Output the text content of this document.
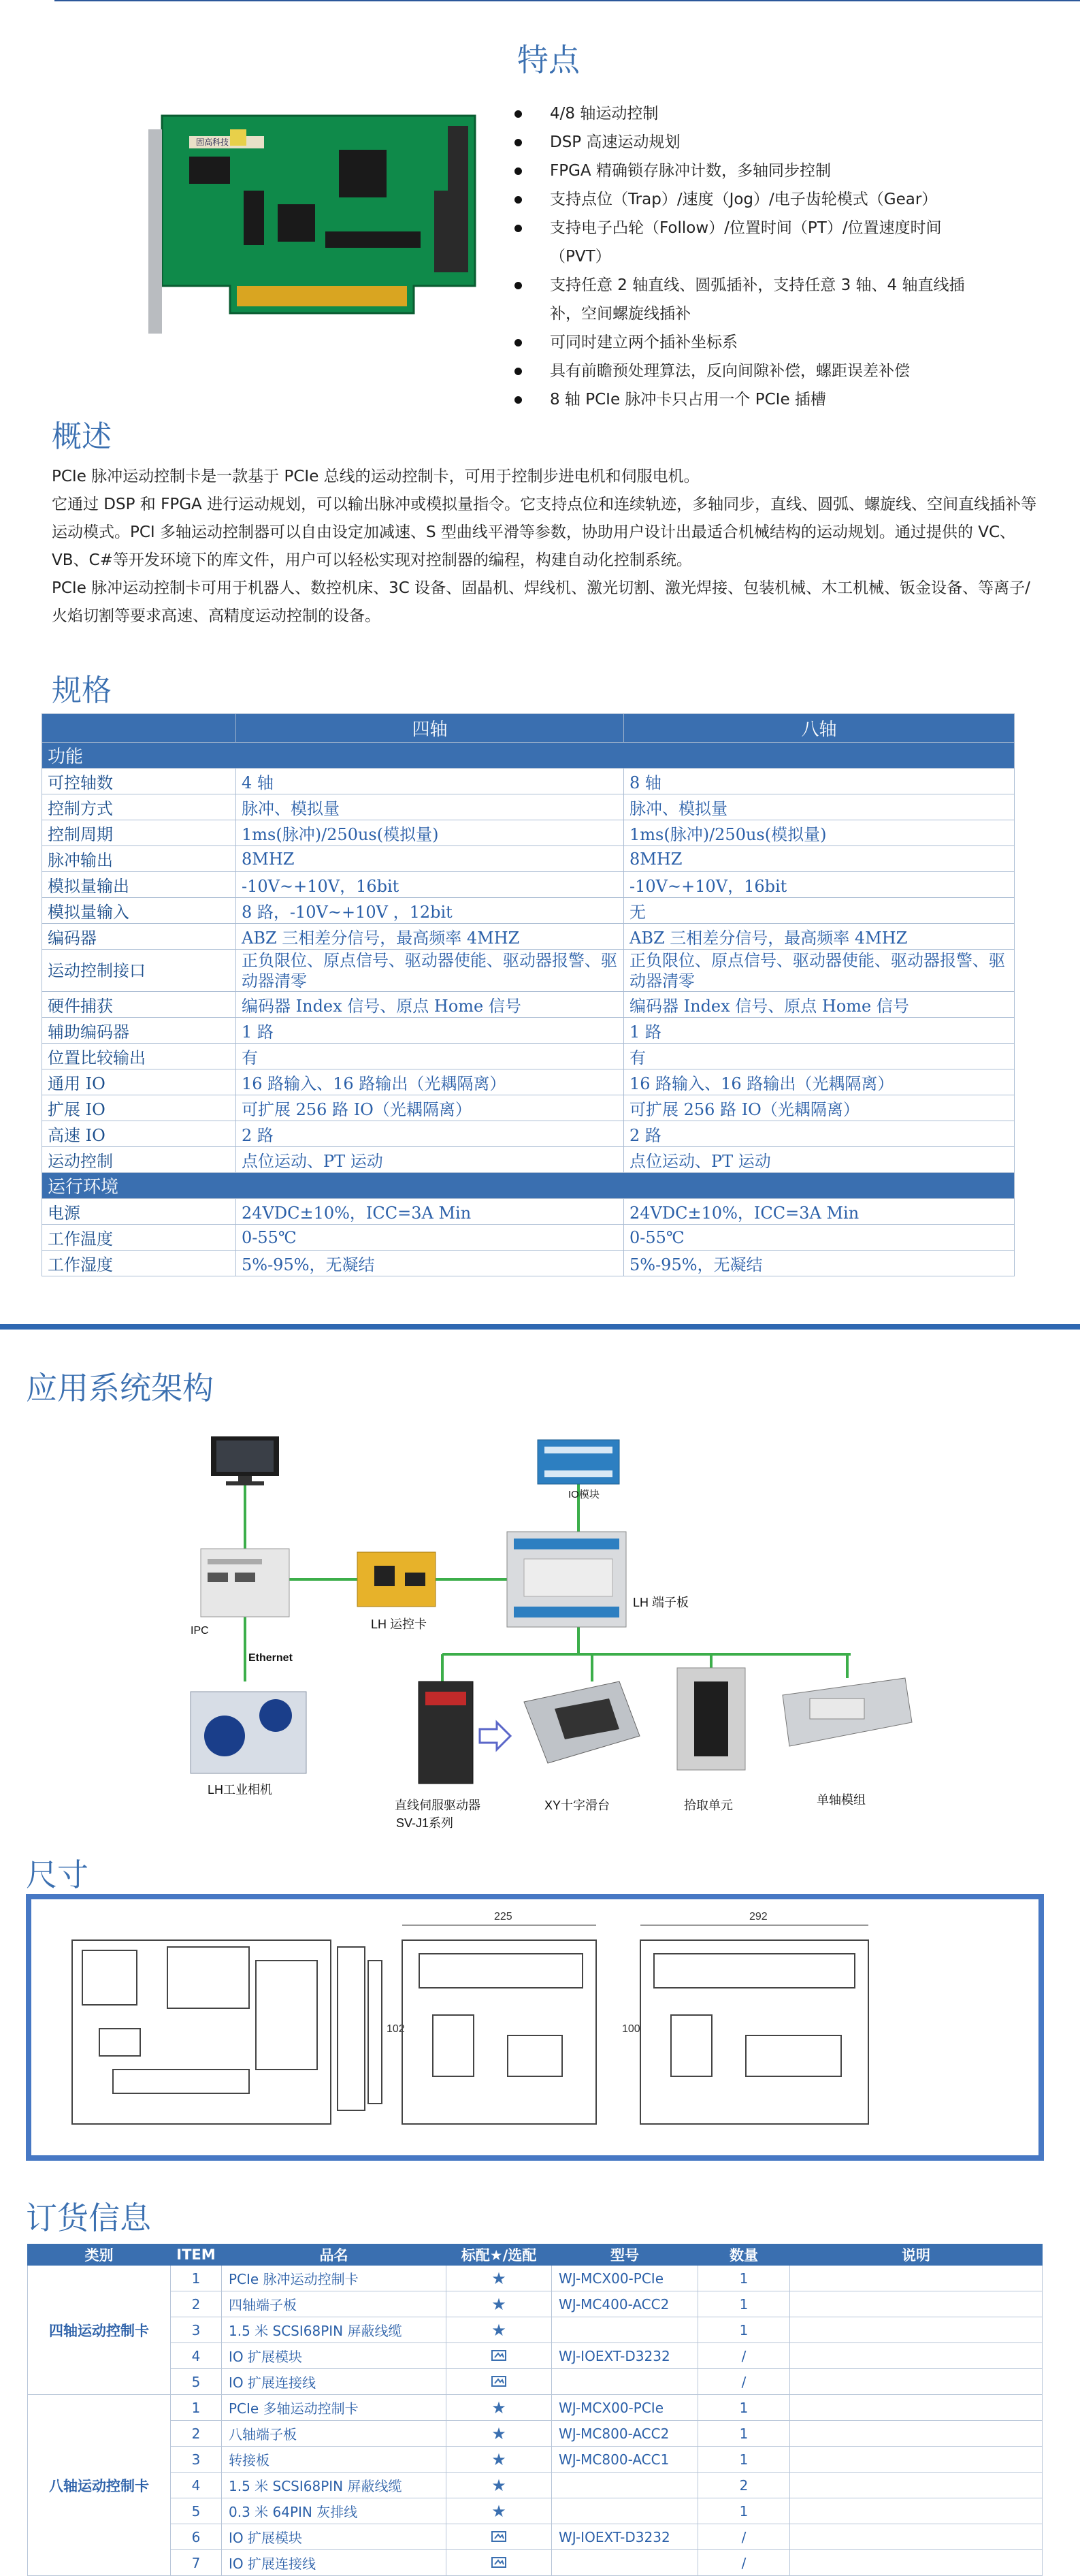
特点
固高科技
4/8 轴运动控制
DSP 高速运动规划
FPGA 精确锁存脉冲计数，多轴同步控制
支持点位（Trap）/速度（Jog）/电子齿轮模式（Gear）
支持电子凸轮（Follow）/位置时间（PT）/位置速度时间（PVT）
支持任意 2 轴直线、圆弧插补，支持任意 3 轴、4 轴直线插补，空间螺旋线插补
可同时建立两个插补坐标系
具有前瞻预处理算法，反向间隙补偿，螺距误差补偿
8 轴 PCIe 脉冲卡只占用一个 PCIe 插槽
概述

PCIe 脉冲运动控制卡是一款基于 PCIe 总线的运动控制卡，可用于控制步进电机和伺服电机。

它通过 DSP 和 FPGA 进行运动规划，可以输出脉冲或模拟量指令。它支持点位和连续轨迹，多轴同步，直线、圆弧、螺旋线、空间直线插补等运动模式。PCI 多轴运动控制器可以自由设定加减速、S 型曲线平滑等参数，协助用户设计出最适合机械结构的运动规划。通过提供的 VC、VB、C#等开发环境下的库文件，用户可以轻松实现对控制器的编程，构建自动化控制系统。

PCIe 脉冲运动控制卡可用于机器人、数控机床、3C 设备、固晶机、焊线机、激光切割、激光焊接、包装机械、木工机械、钣金设备、等离子/火焰切割等要求高速、高精度运动控制的设备。

规格
	四轴	八轴
功能		
可控轴数	4 轴	8 轴
控制方式	脉冲、模拟量	脉冲、模拟量
控制周期	1ms(脉冲)/250us(模拟量)	1ms(脉冲)/250us(模拟量)
脉冲输出	8MHZ	8MHZ
模拟量输出	-10V~+10V，16bit	-10V~+10V，16bit
模拟量输入	8 路，-10V~+10V ，12bit	无
编码器	ABZ 三相差分信号，最高频率 4MHZ	ABZ 三相差分信号，最高频率 4MHZ
运动控制接口	正负限位、原点信号、驱动器使能、驱动器报警、驱动器清零	正负限位、原点信号、驱动器使能、驱动器报警、驱动器清零
硬件捕获	编码器 Index 信号、原点 Home 信号	编码器 Index 信号、原点 Home 信号
辅助编码器	1 路	1 路
位置比较输出	有	有
通用 IO	16 路输入、16 路输出（光耦隔离）	16 路输入、16 路输出（光耦隔离）
扩展 IO	可扩展 256 路 IO（光耦隔离）	可扩展 256 路 IO（光耦隔离）
高速 IO	2 路	2 路
运动控制	点位运动、PT 运动	点位运动、PT 运动
运行环境		
电源	24VDC±10%，ICC=3A Min	24VDC±10%，ICC=3A Min
工作温度	0-55℃	0-55℃
工作湿度	5%-95%，无凝结	5%-95%，无凝结
应用系统架构
IPC
Ethernet
LH 运控卡
IO模块
LH 端子板
LH工业相机
直线伺服驱动器
SV-J1系列
XY十字滑台	拾取单元	单轴模组
尺寸
225
102
292
100
订货信息
类别	ITEM	品名	标配★/选配	型号	数量	说明
四轴运动控制卡	1	PCIe 脉冲运动控制卡	★	WJ-MCX00-PCIe	1	
	2	四轴端子板	★	WJ-MC400-ACC2	1	
	3	1.5 米 SCSI68PIN 屏蔽线缆	★		1	
	4	IO 扩展模块		WJ-IOEXT-D3232	/	
	5	IO 扩展连接线			/	
八轴运动控制卡	1	PCIe 多轴运动控制卡	★	WJ-MCX00-PCIe	1	
	2	八轴端子板	★	WJ-MC800-ACC2	1	
	3	转接板	★	WJ-MC800-ACC1	1	
	4	1.5 米 SCSI68PIN 屏蔽线缆	★		2	
	5	0.3 米 64PIN 灰排线	★		1	
	6	IO 扩展模块		WJ-IOEXT-D3232	/	
	7	IO 扩展连接线			/	
